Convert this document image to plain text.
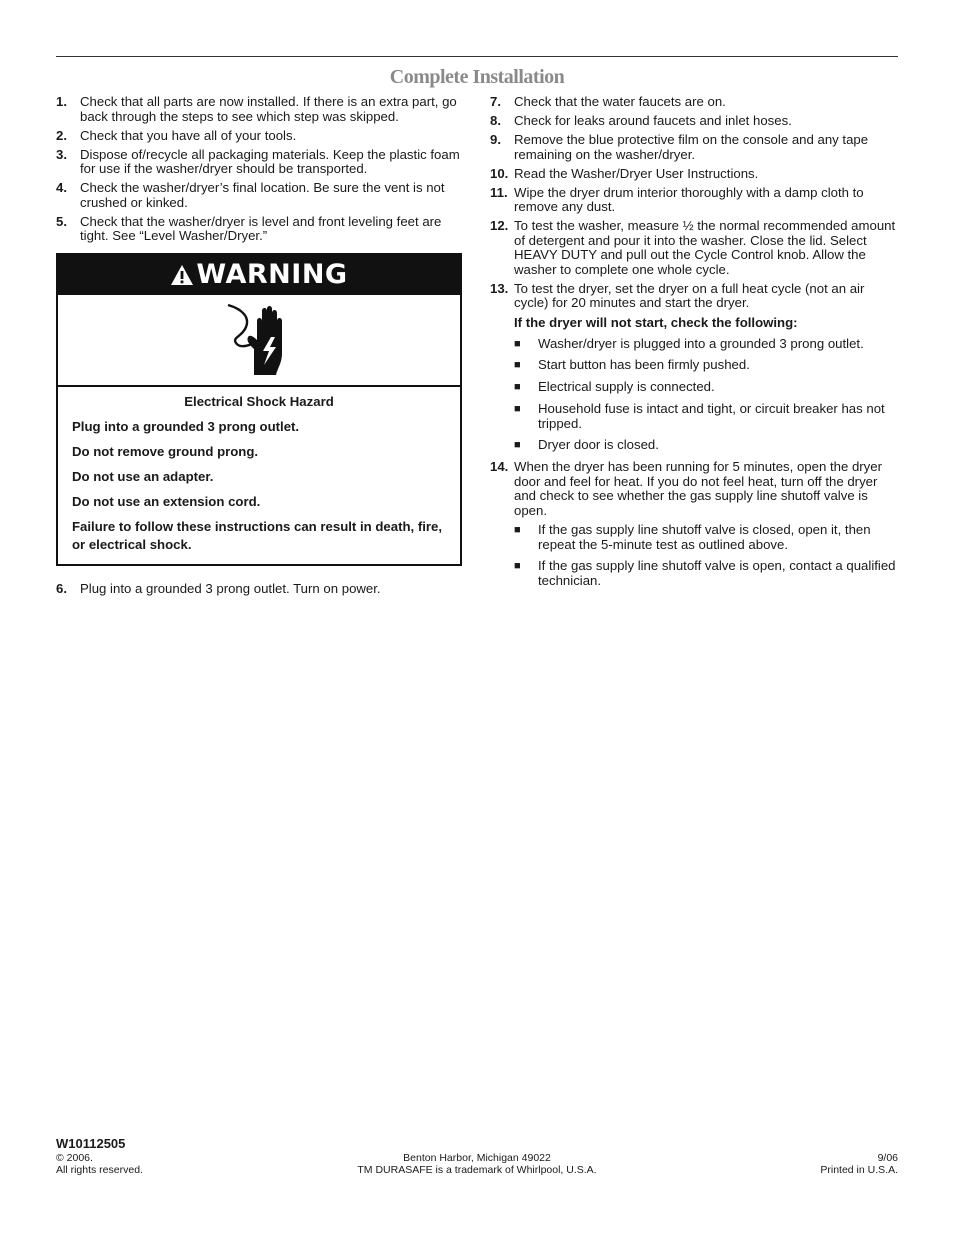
Complete Installation
1. Check that all parts are now installed. If there is an extra part, go back through the steps to see which step was skipped.
2. Check that you have all of your tools.
3. Dispose of/recycle all packaging materials. Keep the plastic foam for use if the washer/dryer should be transported.
4. Check the washer/dryer’s final location. Be sure the vent is not crushed or kinked.
5. Check that the washer/dryer is level and front leveling feet are tight. See “Level Washer/Dryer.”
WARNING
Electrical Shock Hazard
Plug into a grounded 3 prong outlet.
Do not remove ground prong.
Do not use an adapter.
Do not use an extension cord.
Failure to follow these instructions can result in death, fire, or electrical shock.
6. Plug into a grounded 3 prong outlet. Turn on power.
7. Check that the water faucets are on.
8. Check for leaks around faucets and inlet hoses.
9. Remove the blue protective film on the console and any tape remaining on the washer/dryer.
10. Read the Washer/Dryer User Instructions.
11. Wipe the dryer drum interior thoroughly with a damp cloth to remove any dust.
12. To test the washer, measure ½ the normal recommended amount of detergent and pour it into the washer. Close the lid. Select HEAVY DUTY and pull out the Cycle Control knob. Allow the washer to complete one whole cycle.
13. To test the dryer, set the dryer on a full heat cycle (not an air cycle) for 20 minutes and start the dryer.
If the dryer will not start, check the following:
■	Washer/dryer is plugged into a grounded 3 prong outlet.
■	Start button has been firmly pushed.
■	Electrical supply is connected.
■	Household fuse is intact and tight, or circuit breaker has not tripped.
■	Dryer door is closed.
14. When the dryer has been running for 5 minutes, open the dryer door and feel for heat. If you do not feel heat, turn off the dryer and check to see whether the gas supply line shutoff valve is open.
■	If the gas supply line shutoff valve is closed, open it, then repeat the 5-minute test as outlined above.
■	If the gas supply line shutoff valve is open, contact a qualified technician.
W10112505
© 2006.
All rights reserved.
Benton Harbor, Michigan 49022
TM DURASAFE is a trademark of Whirlpool, U.S.A.
9/06
Printed in U.S.A.
